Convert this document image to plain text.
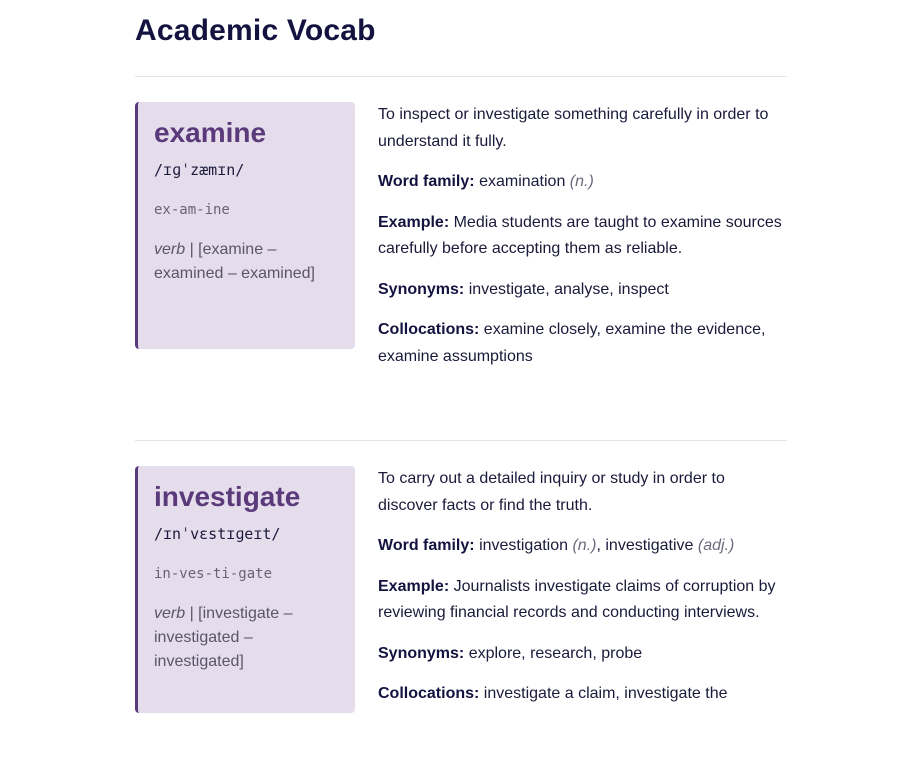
Academic Vocab
examine
/ɪɡˈzæmɪn/
ex-am-ine
verb | [examine – examined – examined]

To inspect or investigate something carefully in order to understand it fully.

Word family: examination (n.)

Example: Media students are taught to examine sources carefully before accepting them as reliable.

Synonyms: investigate, analyse, inspect

Collocations: examine closely, examine the evidence, examine assumptions

investigate
/ɪnˈvɛstɪɡeɪt/
in-ves-ti-gate
verb | [investigate – investigated – investigated]

To carry out a detailed inquiry or study in order to discover facts or find the truth.

Word family: investigation (n.), investigative (adj.)

Example: Journalists investigate claims of corruption by reviewing financial records and conducting interviews.

Synonyms: explore, research, probe

Collocations: investigate a claim, investigate the
